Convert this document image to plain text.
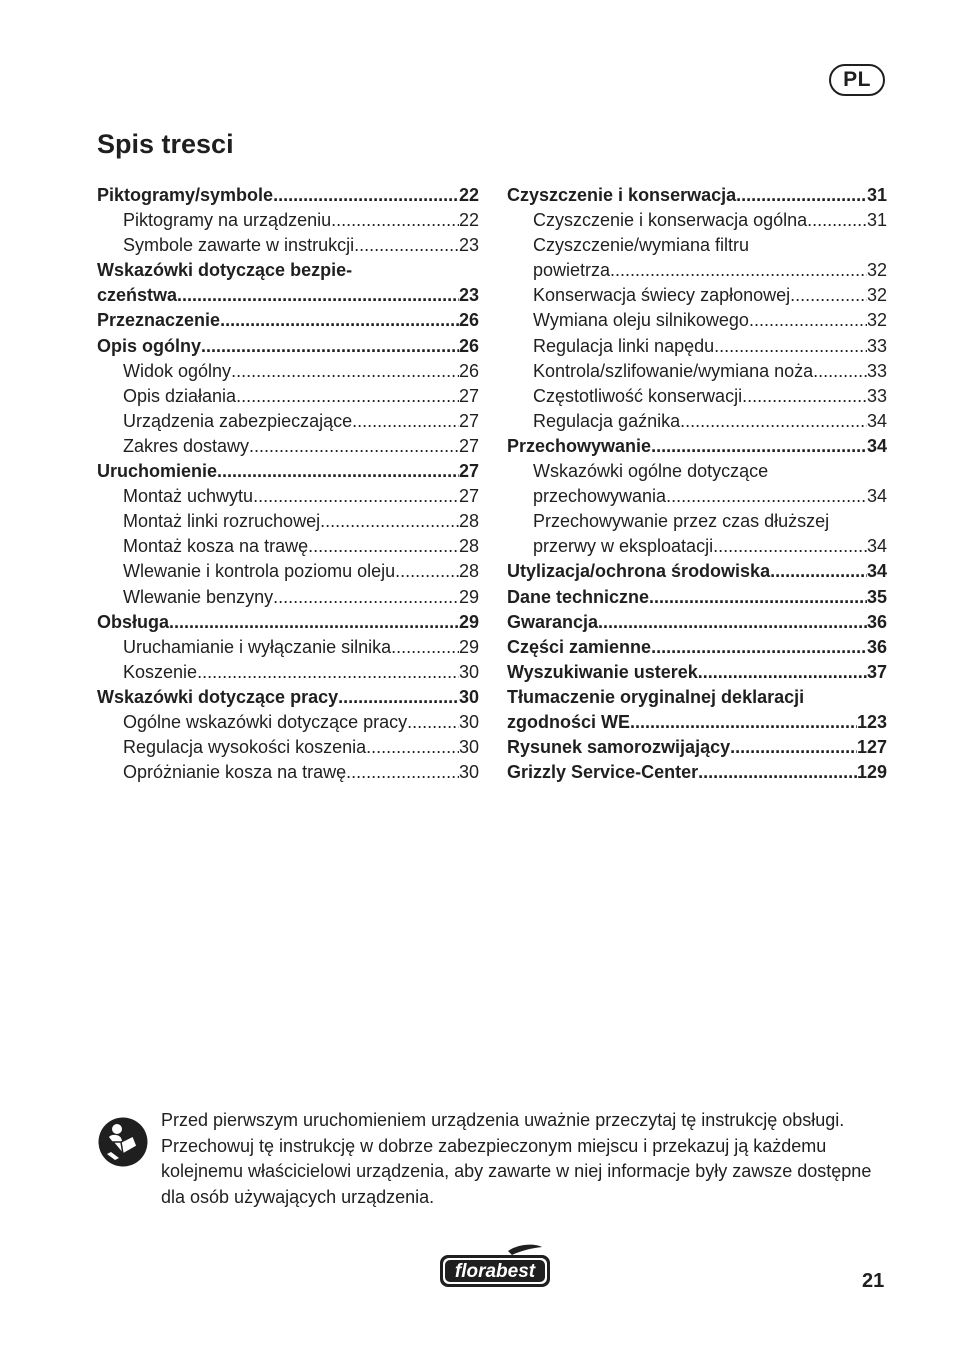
PL
Spis tresci
Piktogramy/symbole .....	22
Piktogramy na urządzeniu .....	22
Symbole zawarte w instrukcji .....	23
Wskazówki dotyczące bezpie-
czeństwa .....	23
Przeznaczenie .....	26
Opis ogólny .....	26
Widok ogólny .....	26
Opis działania .....	27
Urządzenia zabezpieczające .....	27
Zakres dostawy .....	27
Uruchomienie .....	27
Montaż uchwytu .....	27
Montaż linki rozruchowej .....	28
Montaż kosza na trawę .....	28
Wlewanie i kontrola poziomu oleju .....	28
Wlewanie benzyny .....	29
Obsługa .....	29
Uruchamianie i wyłączanie silnika .....	29
Koszenie .....	30
Wskazówki dotyczące pracy .....	30
Ogólne wskazówki dotyczące pracy .....	30
Regulacja wysokości koszenia .....	30
Opróżnianie kosza na trawę .....	30
Czyszczenie i konserwacja .....	31
Czyszczenie i konserwacja ogólna .....	31
Czyszczenie/wymiana filtru
powietrza .....	32
Konserwacja świecy zapłonowej .....	32
Wymiana oleju silnikowego .....	32
Regulacja linki napędu .....	33
Kontrola/szlifowanie/wymiana noża .....	33
Częstotliwość konserwacji .....	33
Regulacja gaźnika .....	34
Przechowywanie .....	34
Wskazówki ogólne dotyczące
przechowywania .....	34
Przechowywanie przez czas dłuższej
przerwy w eksploatacji .....	34
Utylizacja/ochrona środowiska .....	34
Dane techniczne .....	35
Gwarancja .....	36
Części zamienne .....	36
Wyszukiwanie usterek .....	37
Tłumaczenie oryginalnej deklaracji
zgodności WE .....	123
Rysunek samorozwijający .....	127
Grizzly Service-Center .....	129
Przed pierwszym uruchomieniem urządzenia uważnie przeczytaj tę instrukcję obsługi. Przechowuj tę instrukcję w dobrze zabezpieczonym miejscu i przekazuj ją każdemu kolejnemu właścicielowi urządzenia, aby zawarte w niej informacje były zawsze dostępne dla osób używających urządzenia.
florabest	21
